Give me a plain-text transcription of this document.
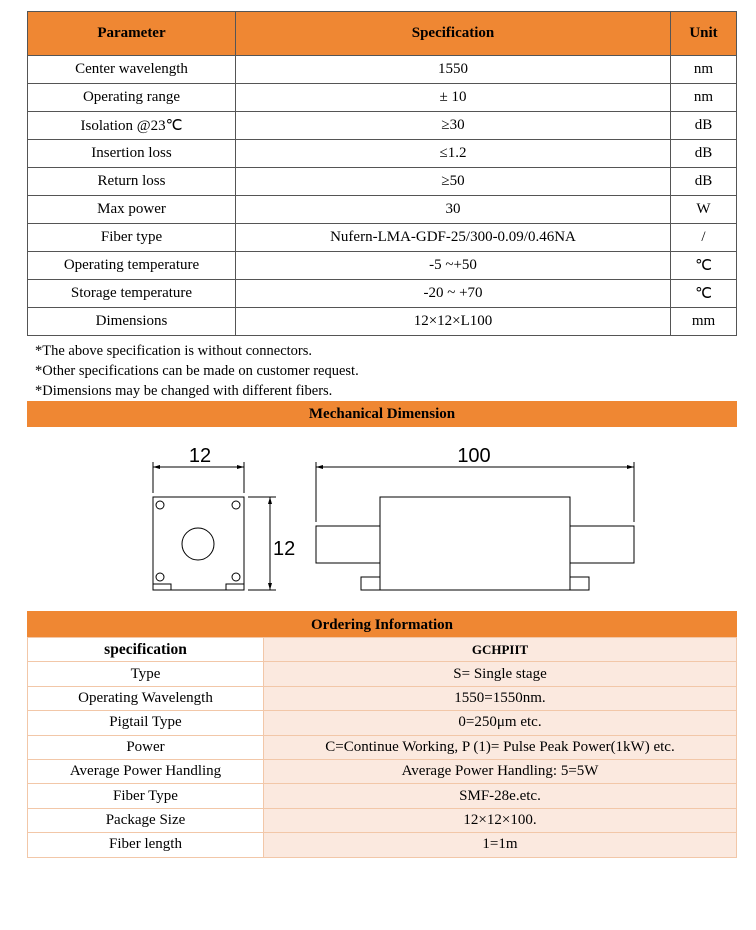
Parameter	Specification	Unit
Center wavelength	1550	nm
Operating range	± 10	nm
Isolation @23℃	≥30	dB
Insertion loss	≤1.2	dB
Return loss	≥50	dB
Max power	30	W
Fiber type	Nufern-LMA-GDF-25/300-0.09/0.46NA	/
Operating temperature	-5 ~+50	℃
Storage temperature	-20 ~ +70	℃
Dimensions	12×12×L100	mm
*The above specification is without connectors.
*Other specifications can be made on customer request.
*Dimensions may be changed with different fibers.
Mechanical Dimension
12
12
100
Ordering Information
specification	GCHPIIT
Type	S= Single stage
Operating Wavelength	1550=1550nm.
Pigtail Type	0=250μm etc.
Power	C=Continue Working, P (1)= Pulse Peak Power(1kW) etc.
Average Power Handling	Average Power Handling: 5=5W
Fiber Type	SMF-28e.etc.
Package Size	12×12×100.
Fiber length	1=1m
